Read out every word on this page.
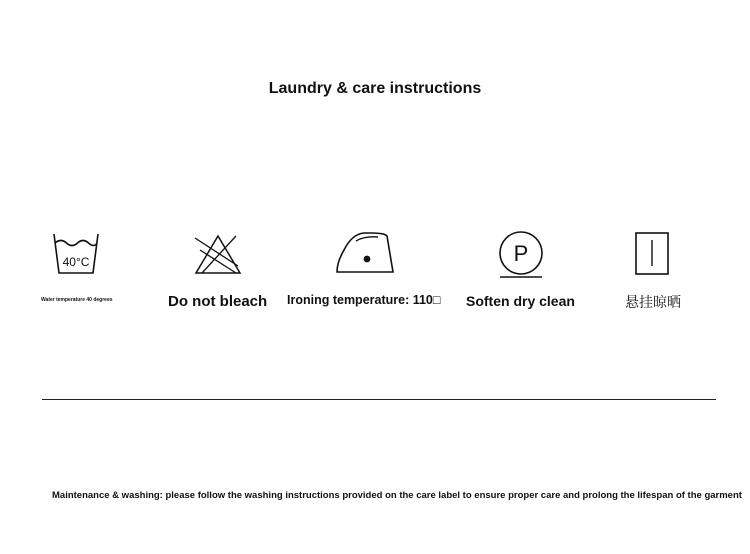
Laundry & care instructions
40°C
Water temperature 40 degrees	Do not bleach Ironing temperature: 110□
P
Soften dry clean	悬挂晾晒
Maintenance & washing: please follow the washing instructions provided on the care label to ensure proper care and prolong the lifespan of the garment
